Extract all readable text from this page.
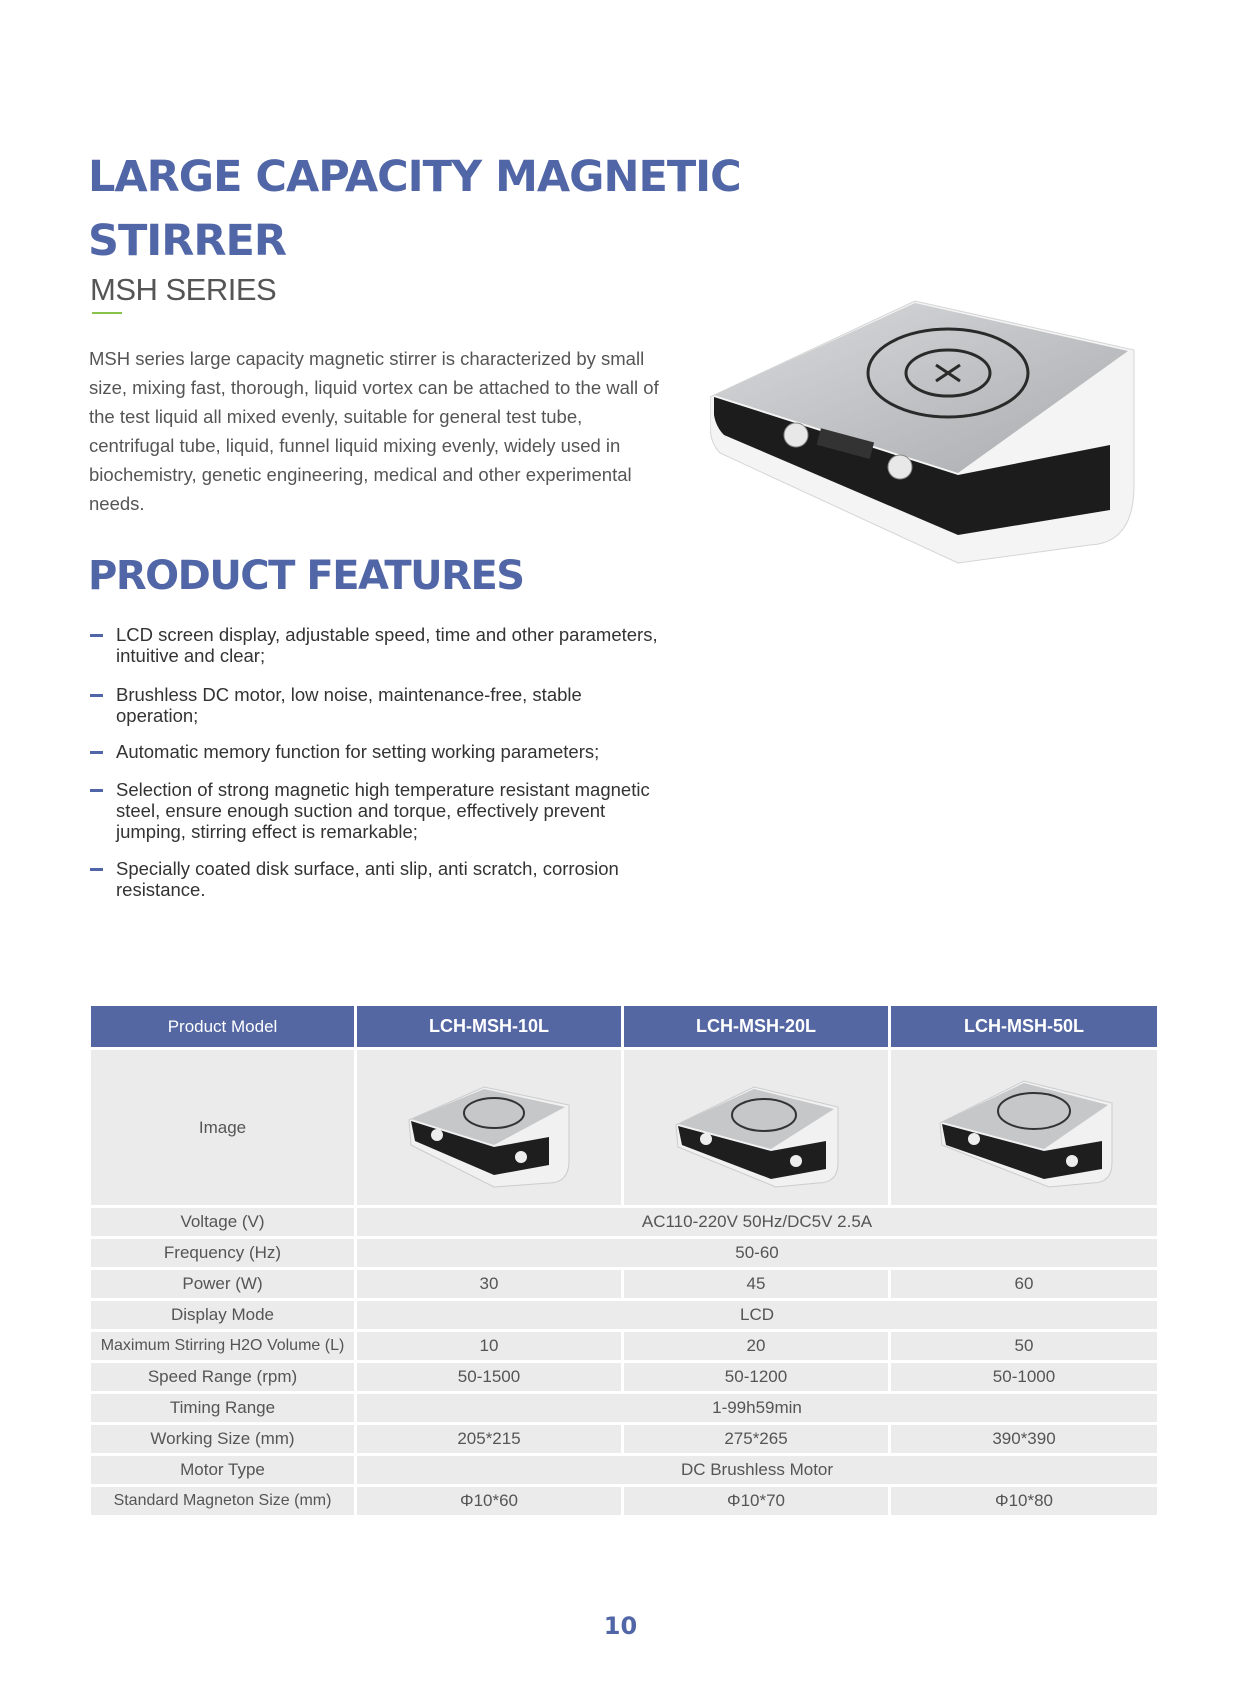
LARGE CAPACITY MAGNETIC
STIRRER
MSH SERIES

MSH series large capacity magnetic stirrer is characterized by small size, mixing fast, thorough, liquid vortex can be attached to the wall of the test liquid all mixed evenly, suitable for general test tube, centrifugal tube, liquid, funnel liquid mixing evenly, widely used in biochemistry, genetic engineering, medical and other experimental needs.

PRODUCT FEATURES
LCD screen display, adjustable speed, time and other parameters, intuitive and clear;
Brushless DC motor, low noise, maintenance-free, stable operation;
Automatic memory function for setting working parameters;
Selection of strong magnetic high temperature resistant magnetic steel, ensure enough suction and torque, effectively prevent jumping, stirring effect is remarkable;
Specially coated disk surface, anti slip, anti scratch, corrosion resistance.
Product Model	LCH-MSH-10L	LCH-MSH-20L	LCH-MSH-50L
Image	

Voltage (V)	AC110-220V 50Hz/DC5V 2.5A		
Frequency (Hz)	50-60		
Power (W)	30	45	60
Display Mode	LCD		
Maximum Stirring H2O Volume (L)	10	20	50
Speed Range (rpm)	50-1500	50-1200	50-1000
Timing Range	1-99h59min		
Working Size (mm)	205*215	275*265	390*390
Motor Type	DC Brushless Motor		
Standard Magneton Size (mm)	Φ10*60	Φ10*70	Φ10*80
10
